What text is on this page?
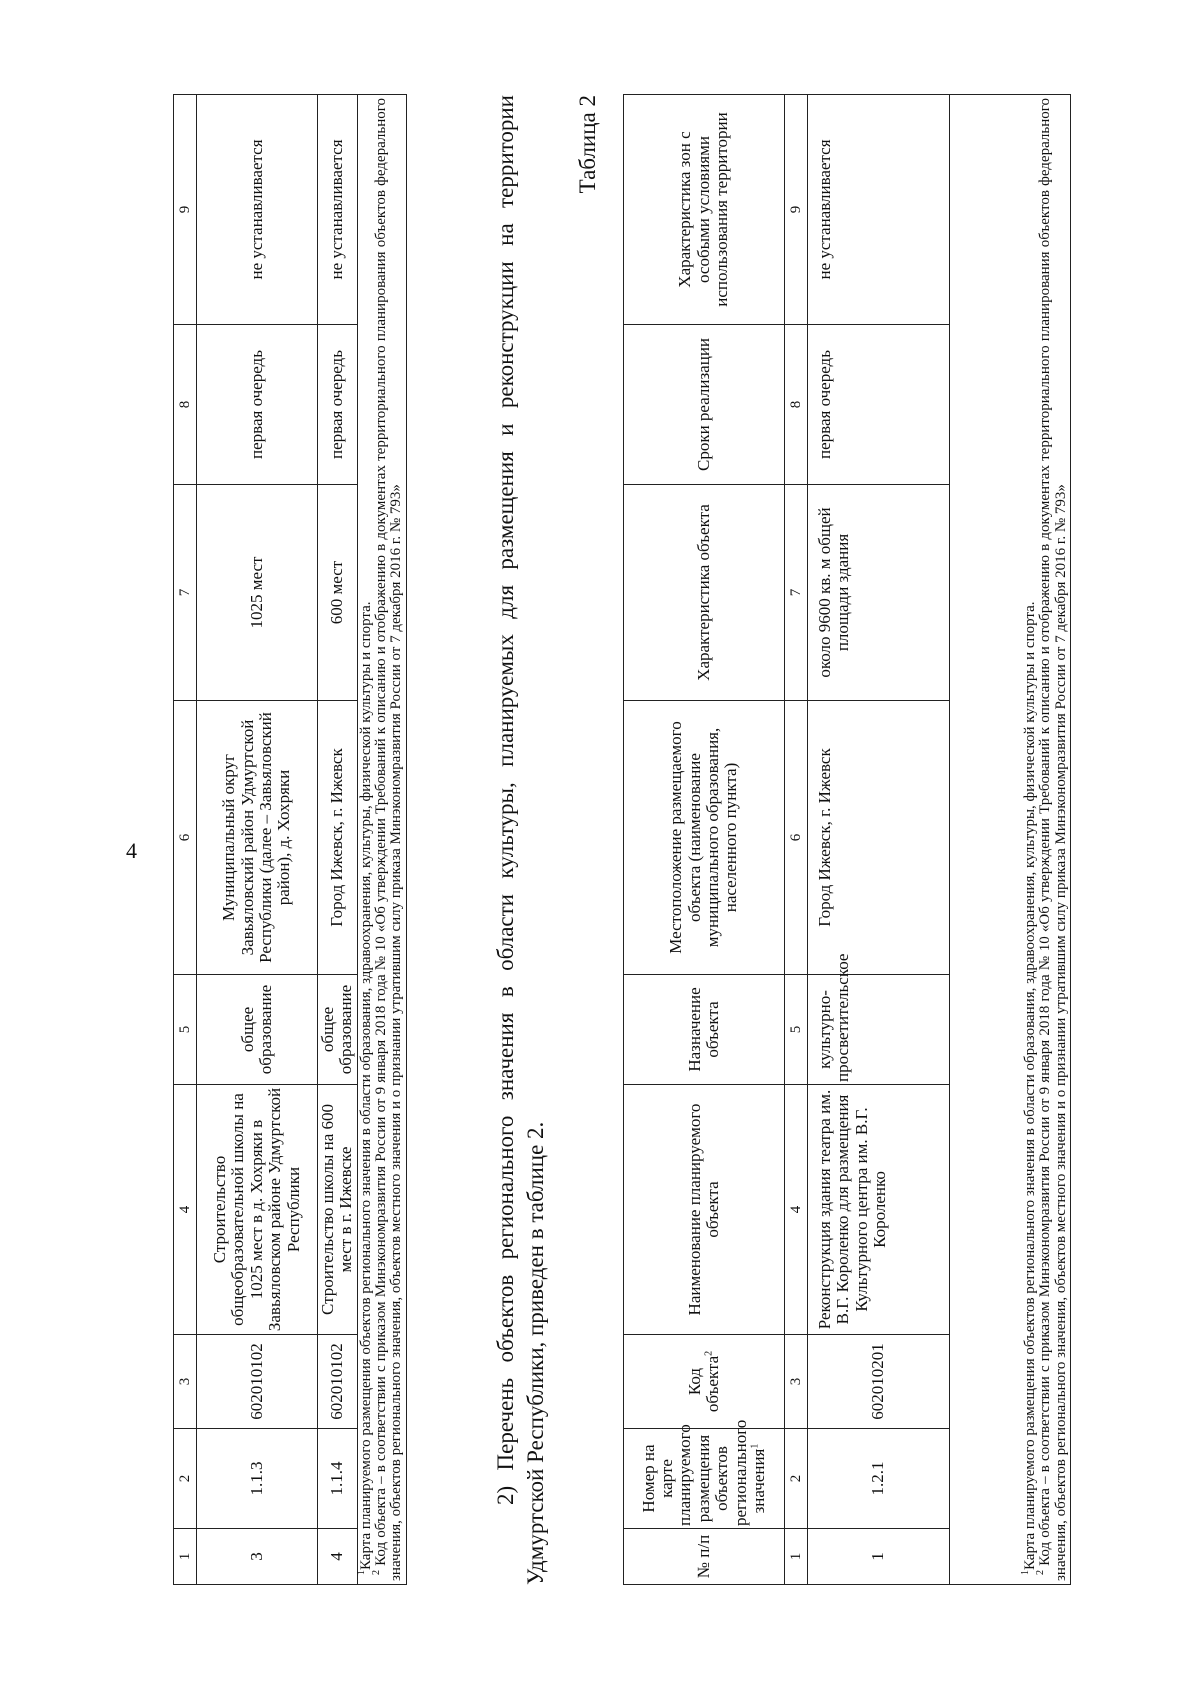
4
1	2	3	4	5	6	7	8	9
3	1.1.3	602010102	Строительство общеобразовательной школы на 1025 мест в д. Хохряки в Завьяловском районе Удмуртской Республики	общее образование	Муниципальный округ Завьяловский район Удмуртской Республики (далее – Завьяловский район), д. Хохряки	1025 мест	первая очередь	не устанавливается
4	1.1.4	602010102	Строительство школы на 600 мест в г. Ижевске	общее образование	Город Ижевск, г. Ижевск	600 мест	первая очередь	не устанавливается

$^1$Карта планируемого размещения объектов регионального значения в области образования, здравоохранения, культуры, физической культуры и спорта.

$^2$ Код объекта – в соответствии с приказом Минэкономразвития России от 9 января 2018 года № 10 «Об утверждении Требований к описанию и отображению в документах территориального планирования объектов федерального значения, объектов регионального значения, объектов местного значения и о признании утратившим силу приказа Минэкономразвития России от 7 декабря 2016 г. № 793»									2) Перечень объектов регионального значения в области культуры, планируемых для размещения и реконструкции на территории Удмуртской Республики, приведен в таблице 2.

Таблица 2
№ п/п	Номер на карте планируемого размещения объектов регионального значения$^1$	Код объекта$^2$	Наименование планируемого объекта	Назначение объекта	Местоположение размещаемого объекта (наименование муниципального образования, населенного пункта)	Характеристика объекта	Сроки реализации	Характеристика зон с особыми условиями использования территории
1	2	3	4	5	6	7	8	9
1	1.2.1	602010201	Реконструкция здания театра им. В.Г. Короленко для размещения Культурного центра им. В.Г. Короленко	культурно-просветительское	Город Ижевск, г. Ижевск	около 9600 кв. м общей площади здания	первая очередь	не устанавливается

$^1$Карта планируемого размещения объектов регионального значения в области образования, здравоохранения, культуры, физической культуры и спорта.

$^2$ Код объекта – в соответствии с приказом Минэкономразвития России от 9 января 2018 года № 10 «Об утверждении Требований к описанию и отображению в документах территориального планирования объектов федерального значения, объектов регионального значения, объектов местного значения и о признании утратившим силу приказа Минэкономразвития России от 7 декабря 2016 г. № 793»								
